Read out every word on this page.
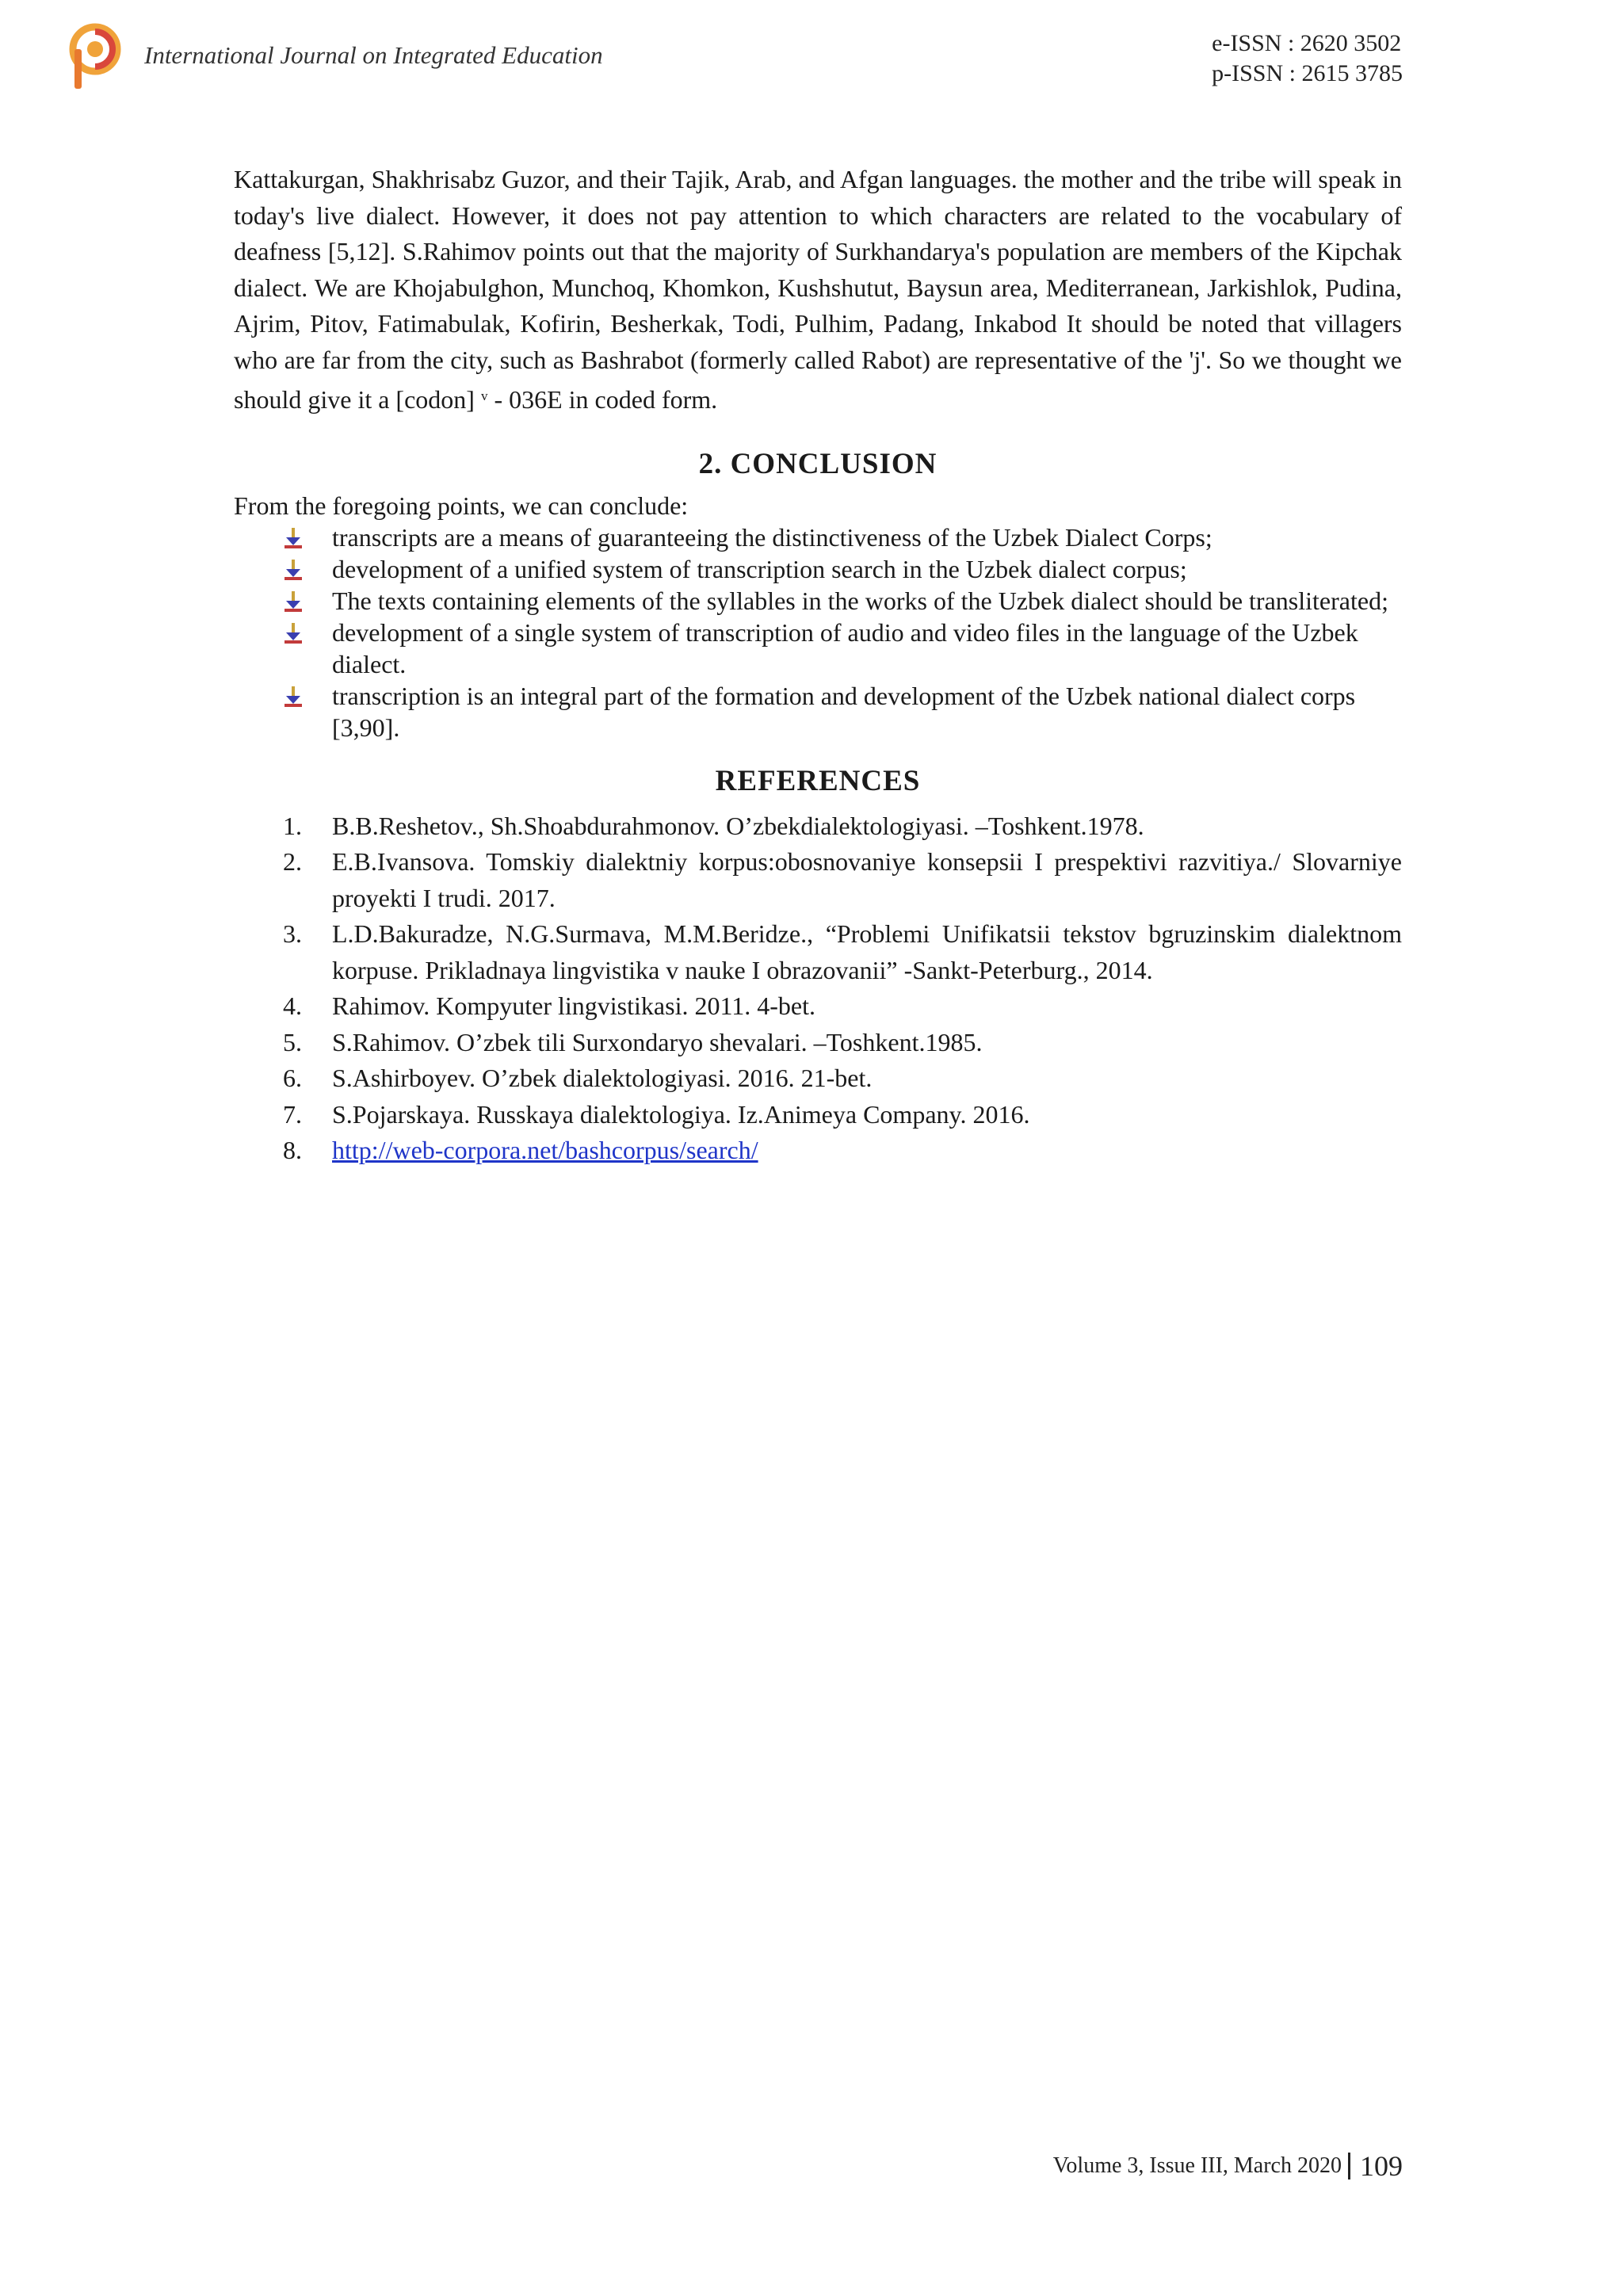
International Journal on Integrated Education	e-ISSN : 2620 3502
p-ISSN : 2615 3785

Kattakurgan, Shakhrisabz Guzor, and their Tajik, Arab, and Afgan languages. the mother and the tribe will speak in today's live dialect. However, it does not pay attention to which characters are related to the vocabulary of deafness [5,12]. S.Rahimov points out that the majority of Surkhandarya's population are members of the Kipchak dialect. We are Khojabulghon, Munchoq, Khomkon, Kushshutut, Baysun area, Mediterranean, Jarkishlok, Pudina, Ajrim, Pitov, Fatimabulak, Kofirin, Besherkak, Todi, Pulhim, Padang, Inkabod It should be noted that villagers who are far from the city, such as Bashrabot (formerly called Rabot) are representative of the 'j'. So we thought we should give it a [codon] $^v$ - 036E in coded form.

2. CONCLUSION

From the foregoing points, we can conclude:

transcripts are a means of guaranteeing the distinctiveness of the Uzbek Dialect Corps;
development of a unified system of transcription search in the Uzbek dialect corpus;
The texts containing elements of the syllables in the works of the Uzbek dialect should be transliterated;
development of a single system of transcription of audio and video files in the language of the Uzbek dialect.
transcription is an integral part of the formation and development of the Uzbek national dialect corps [3,90].
REFERENCES
1. B.B.Reshetov., Sh.Shoabdurahmonov. O’zbekdialektologiyasi. –Toshkent.1978.
2. E.B.Ivansova. Tomskiy dialektniy korpus:obosnovaniye konsepsii I prespektivi razvitiya./ Slovarniye proyekti I trudi. 2017.
3. L.D.Bakuradze, N.G.Surmava, M.M.Beridze., “Problemi Unifikatsii tekstov bgruzinskim dialektnom korpuse. Prikladnaya lingvistika v nauke I obrazovanii” -Sankt-Peterburg., 2014.
4. Rahimov. Kompyuter lingvistikasi. 2011. 4-bet.
5. S.Rahimov. O’zbek tili Surxondaryo shevalari. –Toshkent.1985.
6. S.Ashirboyev. O’zbek dialektologiyasi. 2016. 21-bet.
7. S.Pojarskaya. Russkaya dialektologiya. Iz.Animeya Company. 2016.
8. http://web-corpora.net/bashcorpus/search/
Volume 3, Issue III, March 2020 109
